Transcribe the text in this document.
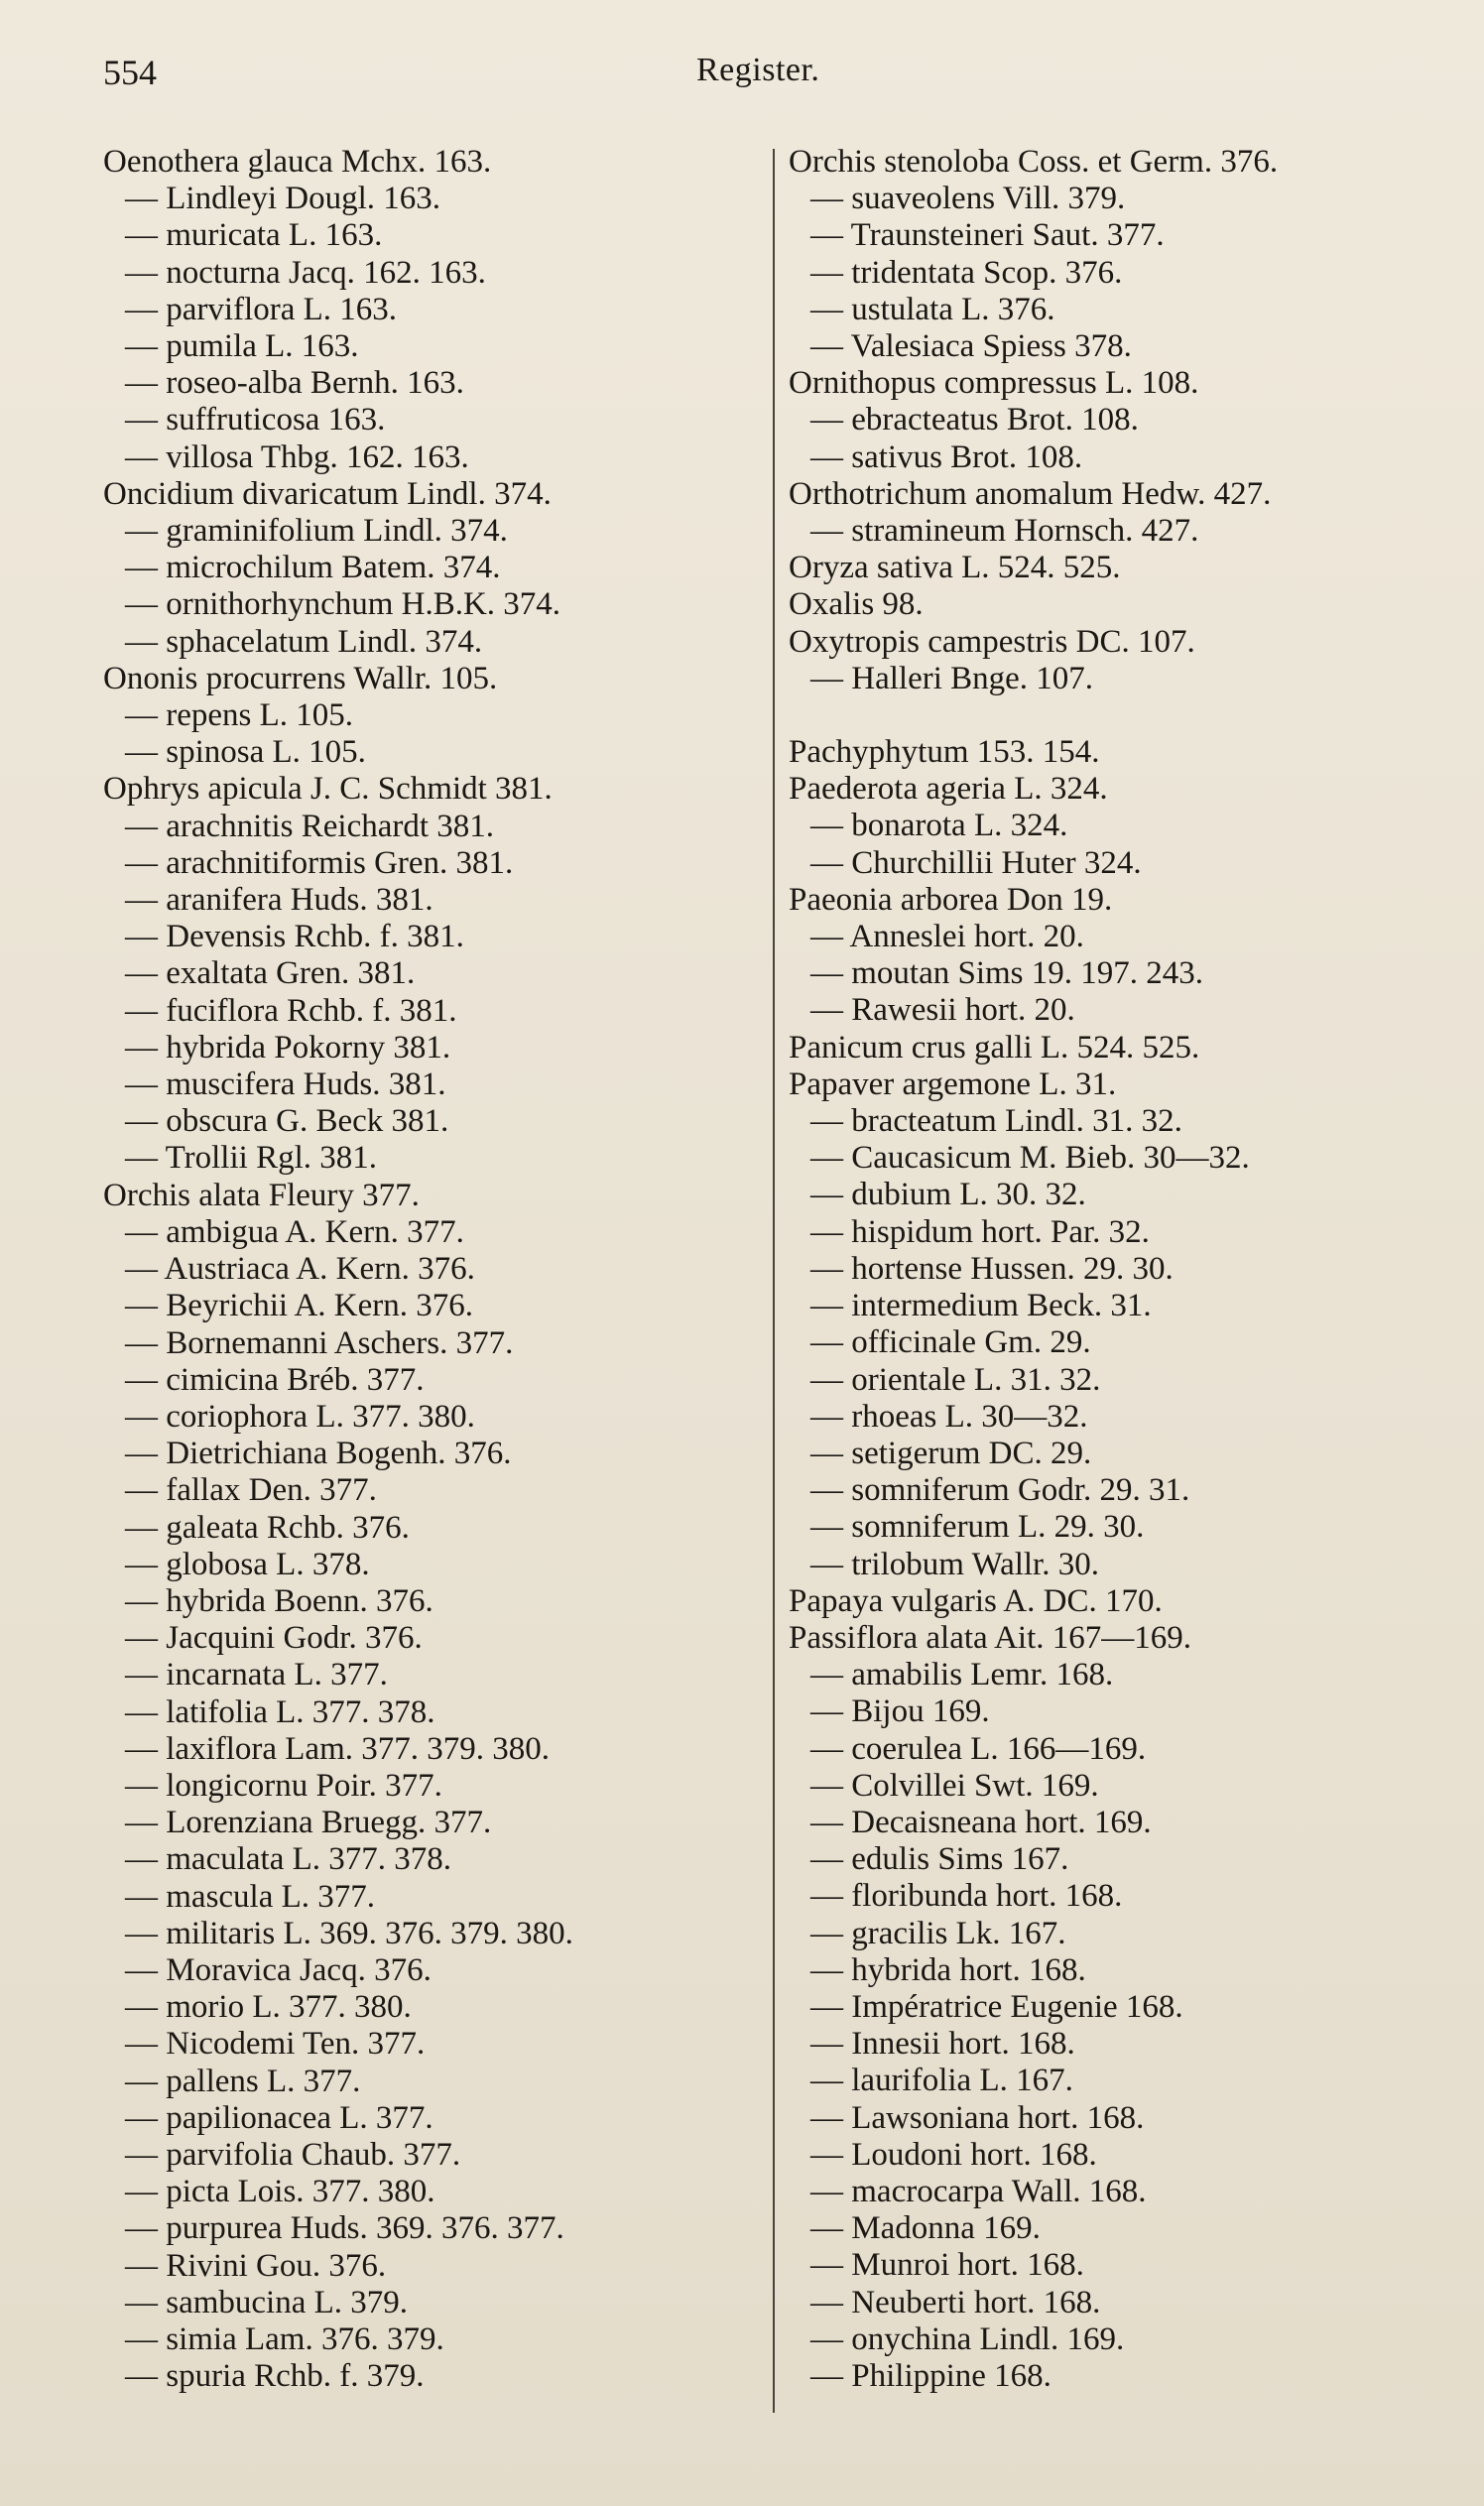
554	Register.
Oenothera glauca Mchx. 163.
— Lindleyi Dougl. 163.
— muricata L. 163.
— nocturna Jacq. 162. 163.
— parviflora L. 163.
— pumila L. 163.
— roseo-alba Bernh. 163.
— suffruticosa 163.
— villosa Thbg. 162. 163.
Oncidium divaricatum Lindl. 374.
— graminifolium Lindl. 374.
— microchilum Batem. 374.
— ornithorhynchum H.B.K. 374.
— sphacelatum Lindl. 374.
Ononis procurrens Wallr. 105.
— repens L. 105.
— spinosa L. 105.
Ophrys apicula J. C. Schmidt 381.
— arachnitis Reichardt 381.
— arachnitiformis Gren. 381.
— aranifera Huds. 381.
— Devensis Rchb. f. 381.
— exaltata Gren. 381.
— fuciflora Rchb. f. 381.
— hybrida Pokorny 381.
— muscifera Huds. 381.
— obscura G. Beck 381.
— Trollii Rgl. 381.
Orchis alata Fleury 377.
— ambigua A. Kern. 377.
— Austriaca A. Kern. 376.
— Beyrichii A. Kern. 376.
— Bornemanni Aschers. 377.
— cimicina Bréb. 377.
— coriophora L. 377. 380.
— Dietrichiana Bogenh. 376.
— fallax Den. 377.
— galeata Rchb. 376.
— globosa L. 378.
— hybrida Boenn. 376.
— Jacquini Godr. 376.
— incarnata L. 377.
— latifolia L. 377. 378.
— laxiflora Lam. 377. 379. 380.
— longicornu Poir. 377.
— Lorenziana Bruegg. 377.
— maculata L. 377. 378.
— mascula L. 377.
— militaris L. 369. 376. 379. 380.
— Moravica Jacq. 376.
— morio L. 377. 380.
— Nicodemi Ten. 377.
— pallens L. 377.
— papilionacea L. 377.
— parvifolia Chaub. 377.
— picta Lois. 377. 380.
— purpurea Huds. 369. 376. 377.
— Rivini Gou. 376.
— sambucina L. 379.
— simia Lam. 376. 379.
— spuria Rchb. f. 379.
Orchis stenoloba Coss. et Germ. 376.
— suaveolens Vill. 379.
— Traunsteineri Saut. 377.
— tridentata Scop. 376.
— ustulata L. 376.
— Valesiaca Spiess 378.
Ornithopus compressus L. 108.
— ebracteatus Brot. 108.
— sativus Brot. 108.
Orthotrichum anomalum Hedw. 427.
— stramineum Hornsch. 427.
Oryza sativa L. 524. 525.
Oxalis 98.
Oxytropis campestris DC. 107.
— Halleri Bnge. 107.
Pachyphytum 153. 154.
Paederota ageria L. 324.
— bonarota L. 324.
— Churchillii Huter 324.
Paeonia arborea Don 19.
— Anneslei hort. 20.
— moutan Sims 19. 197. 243.
— Rawesii hort. 20.
Panicum crus galli L. 524. 525.
Papaver argemone L. 31.
— bracteatum Lindl. 31. 32.
— Caucasicum M. Bieb. 30—32.
— dubium L. 30. 32.
— hispidum hort. Par. 32.
— hortense Hussen. 29. 30.
— intermedium Beck. 31.
— officinale Gm. 29.
— orientale L. 31. 32.
— rhoeas L. 30—32.
— setigerum DC. 29.
— somniferum Godr. 29. 31.
— somniferum L. 29. 30.
— trilobum Wallr. 30.
Papaya vulgaris A. DC. 170.
Passiflora alata Ait. 167—169.
— amabilis Lemr. 168.
— Bijou 169.
— coerulea L. 166—169.
— Colvillei Swt. 169.
— Decaisneana hort. 169.
— edulis Sims 167.
— floribunda hort. 168.
— gracilis Lk. 167.
— hybrida hort. 168.
— Impératrice Eugenie 168.
— Innesii hort. 168.
— laurifolia L. 167.
— Lawsoniana hort. 168.
— Loudoni hort. 168.
— macrocarpa Wall. 168.
— Madonna 169.
— Munroi hort. 168.
— Neuberti hort. 168.
— onychina Lindl. 169.
— Philippine 168.
